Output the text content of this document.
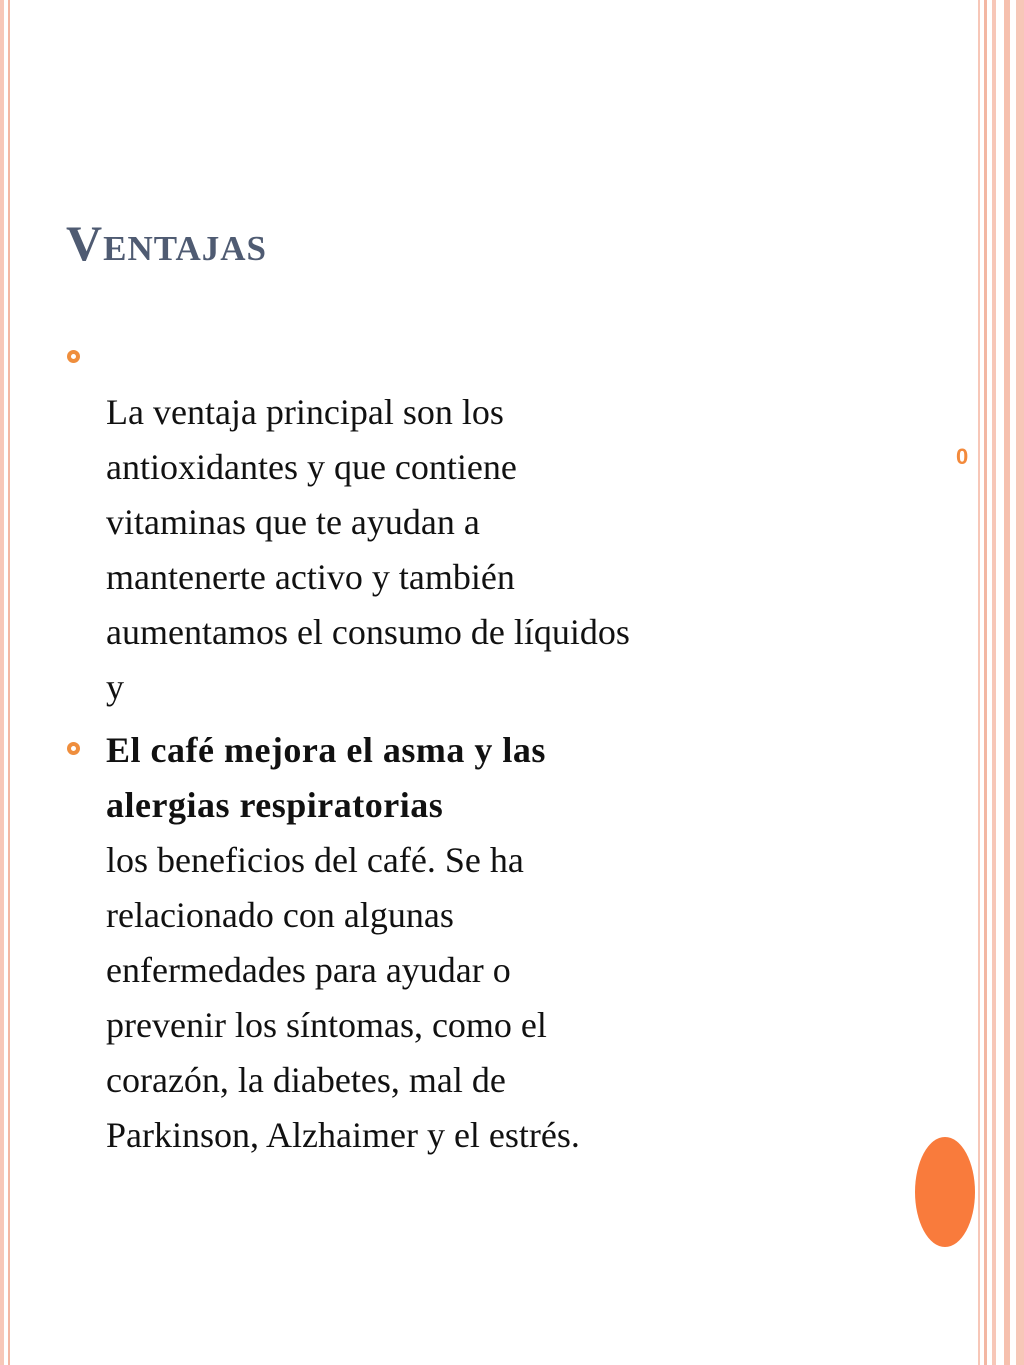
Ventajas
La ventaja principal son los
antioxidantes y que contiene
vitaminas que te ayudan a
mantenerte activo y también
aumentamos el consumo de líquidos
y
El café mejora el asma y las
alergias respiratorias
los beneficios del café. Se ha
relacionado con algunas
enfermedades para ayudar o
prevenir los síntomas, como el
corazón, la diabetes, mal de
Parkinson, Alzhaimer y el estrés.
0
